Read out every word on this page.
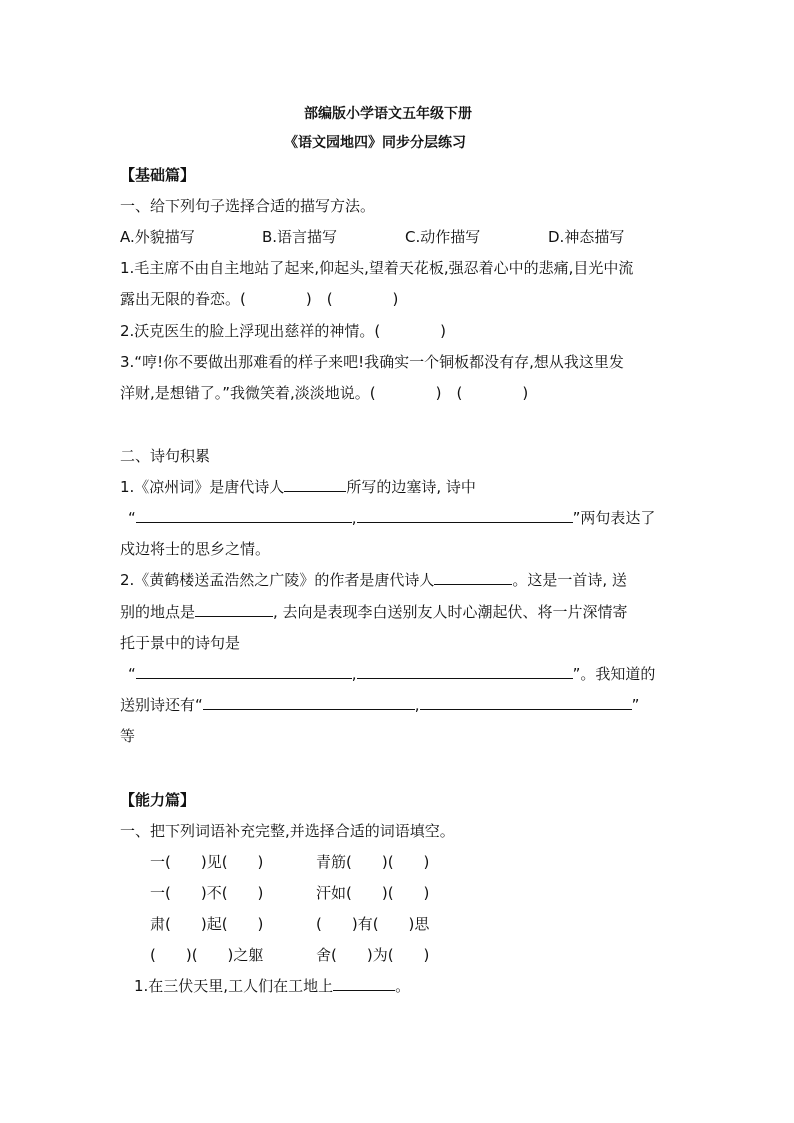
部编版小学语文五年级下册
《语文园地四》同步分层练习
【基础篇】
一、给下列句子选择合适的描写方法。
A.外貌描写	B.语言描写	C.动作描写	D.神态描写
1.毛主席不由自主地站了起来,仰起头,望着天花板,强忍着心中的悲痛,目光中流
露出无限的眷恋。(　　　　)　(　　　　)
2.沃克医生的脸上浮现出慈祥的神情。(　　　　)
3.“哼!你不要做出那难看的样子来吧!我确实一个铜板都没有存,想从我这里发
洋财,是想错了。”我微笑着,淡淡地说。(　　　　)　(　　　　)
二、诗句积累
1.《凉州词》是唐代诗人	所写的边塞诗, 诗中
“	,	”两句表达了
戍边将士的思乡之情。
2.《黄鹤楼送孟浩然之广陵》的作者是唐代诗人	。这是一首诗, 送
别的地点是	, 去向是表现李白送别友人时心潮起伏、将一片深情寄
托于景中的诗句是
“	,	”。我知道的
送别诗还有“	,	”
等
【能力篇】
一、把下列词语补充完整,并选择合适的词语填空。
一(　　)见(　　)	青筋(　　)(　　)
一(　　)不(　　)	汗如(　　)(　　)
肃(　　)起(　　)	(　　)有(　　)思
(　　)(　　)之躯	舍(　　)为(　　)
1.在三伏天里,工人们在工地上	。
